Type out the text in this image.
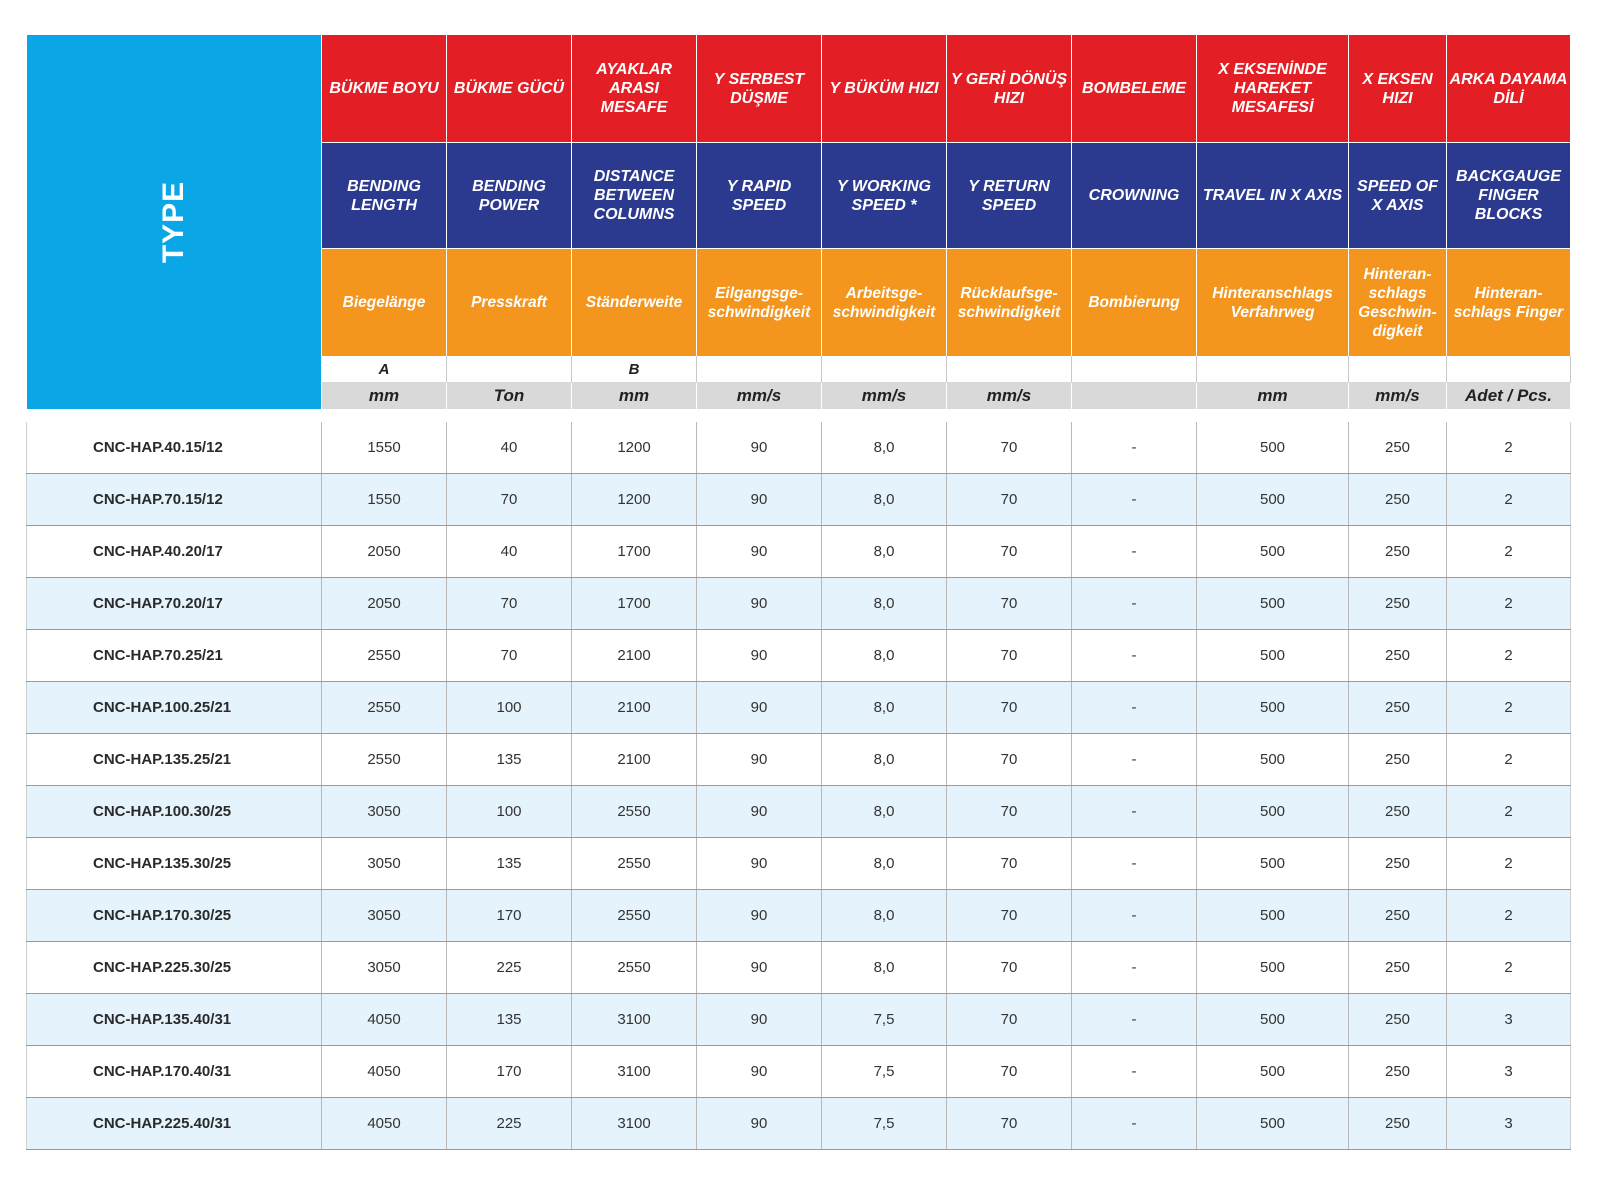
TYPE	BÜKME BOYU	BÜKME GÜCÜ	AYAKLAR ARASI MESAFE	Y SERBEST DÜŞME	Y BÜKÜM HIZI	Y GERİ DÖNÜŞ HIZI	BOMBELEME	X EKSENİNDE HAREKET MESAFESİ	X EKSEN HIZI	ARKA DAYAMA DİLİ
	BENDING LENGTH	BENDING POWER	DISTANCE BETWEEN COLUMNS	Y RAPID SPEED	Y WORKING SPEED *	Y RETURN SPEED	CROWNING	TRAVEL IN X AXIS	SPEED OF X AXIS	BACKGAUGE FINGER BLOCKS
	Biegelänge	Presskraft	Ständerweite	Eilgangsge-schwindigkeit	Arbeitsge-schwindigkeit	Rücklaufsge-schwindigkeit	Bombierung	Hinteranschlags Verfahrweg	Hinteran-schlags Geschwin-digkeit	Hinteran-schlags Finger
	A		B							
	mm	Ton	mm	mm/s	mm/s	mm/s		mm	mm/s	Adet / Pcs.

CNC-HAP.40.15/12	1550	40	1200	90	8,0	70	-	500	250	2
CNC-HAP.70.15/12	1550	70	1200	90	8,0	70	-	500	250	2
CNC-HAP.40.20/17	2050	40	1700	90	8,0	70	-	500	250	2
CNC-HAP.70.20/17	2050	70	1700	90	8,0	70	-	500	250	2
CNC-HAP.70.25/21	2550	70	2100	90	8,0	70	-	500	250	2
CNC-HAP.100.25/21	2550	100	2100	90	8,0	70	-	500	250	2
CNC-HAP.135.25/21	2550	135	2100	90	8,0	70	-	500	250	2
CNC-HAP.100.30/25	3050	100	2550	90	8,0	70	-	500	250	2
CNC-HAP.135.30/25	3050	135	2550	90	8,0	70	-	500	250	2
CNC-HAP.170.30/25	3050	170	2550	90	8,0	70	-	500	250	2
CNC-HAP.225.30/25	3050	225	2550	90	8,0	70	-	500	250	2
CNC-HAP.135.40/31	4050	135	3100	90	7,5	70	-	500	250	3
CNC-HAP.170.40/31	4050	170	3100	90	7,5	70	-	500	250	3
CNC-HAP.225.40/31	4050	225	3100	90	7,5	70	-	500	250	3
